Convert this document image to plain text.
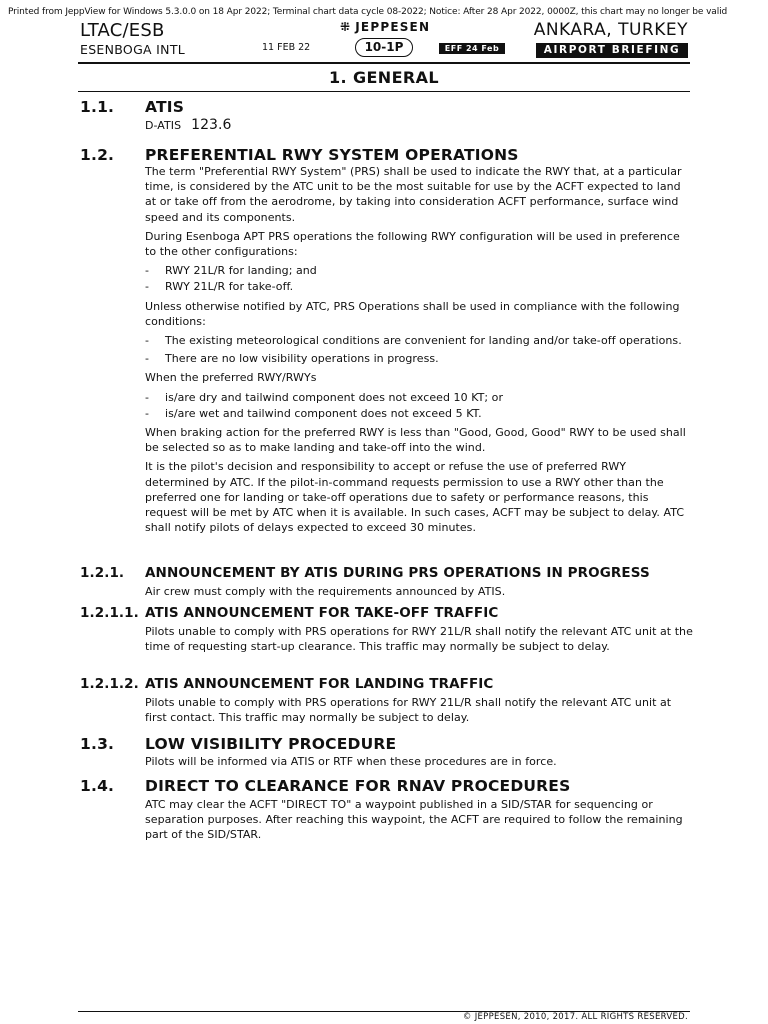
Printed from JeppView for Windows 5.3.0.0 on 18 Apr 2022; Terminal chart data cycle 08-2022; Notice: After 28 Apr 2022, 0000Z, this chart may no longer be valid
LTAC/ESB
ESENBOGA INTL
⁜ JEPPESEN
11 FEB 22	10-1P	EFF 24 Feb
ANKARA, TURKEY
AIRPORT BRIEFING
1. GENERAL
1.1. ATIS
D-ATIS 123.6
1.2. PREFERENTIAL RWY SYSTEM OPERATIONS

The term "Preferential RWY System" (PRS) shall be used to indicate the RWY that, at a particular time, is considered by the ATC unit to be the most suitable for use by the ACFT expected to land at or take off from the aerodrome, by taking into consideration ACFT performance, surface wind speed and its components.

During Esenboga APT PRS operations the following RWY configuration will be used in preference to the other configurations:

- RWY 21L/R for landing; and
- RWY 21L/R for take-off.

Unless otherwise notified by ATC, PRS Operations shall be used in compliance with the following conditions:

- The existing meteorological conditions are convenient for landing and/or take-off operations.
- There are no low visibility operations in progress.

When the preferred RWY/RWYs

- is/are dry and tailwind component does not exceed 10 KT; or
- is/are wet and tailwind component does not exceed 5 KT.

When braking action for the preferred RWY is less than "Good, Good, Good" RWY to be used shall be selected so as to make landing and take-off into the wind.

It is the pilot's decision and responsibility to accept or refuse the use of preferred RWY determined by ATC. If the pilot-in-command requests permission to use a RWY other than the preferred one for landing or take-off operations due to safety or performance reasons, this request will be met by ATC when it is available. In such cases, ACFT may be subject to delay. ATC shall notify pilots of delays expected to exceed 30 minutes.

1.2.1. ANNOUNCEMENT BY ATIS DURING PRS OPERATIONS IN PROGRESS
Air crew must comply with the requirements announced by ATIS.
1.2.1.1. ATIS ANNOUNCEMENT FOR TAKE-OFF TRAFFIC
Pilots unable to comply with PRS operations for RWY 21L/R shall notify the relevant ATC unit at the time of requesting start-up clearance. This traffic may normally be subject to delay.
1.2.1.2. ATIS ANNOUNCEMENT FOR LANDING TRAFFIC
Pilots unable to comply with PRS operations for RWY 21L/R shall notify the relevant ATC unit at first contact. This traffic may normally be subject to delay.
1.3. LOW VISIBILITY PROCEDURE
Pilots will be informed via ATIS or RTF when these procedures are in force.
1.4. DIRECT TO CLEARANCE FOR RNAV PROCEDURES
ATC may clear the ACFT "DIRECT TO" a waypoint published in a SID/STAR for sequencing or separation purposes. After reaching this waypoint, the ACFT are required to follow the remaining part of the SID/STAR.
© JEPPESEN, 2010, 2017. ALL RIGHTS RESERVED.
